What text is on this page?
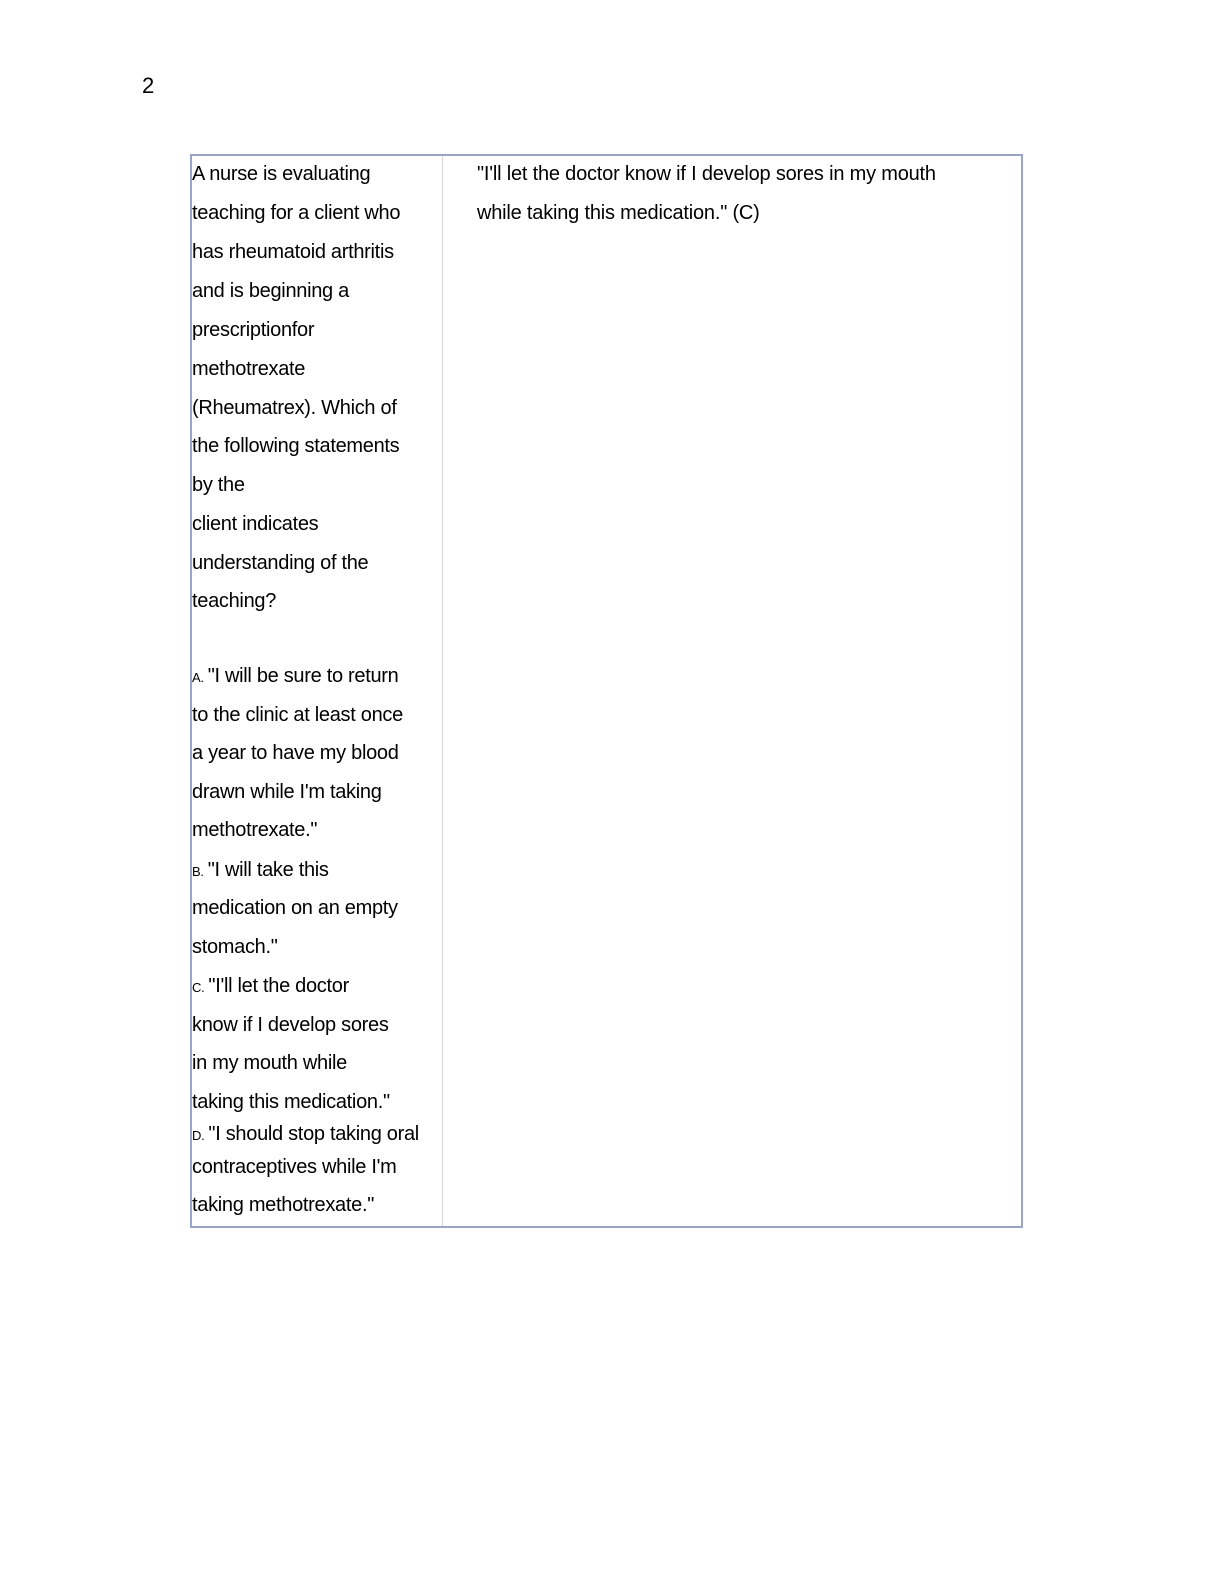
2
A nurse is evaluating
teaching for a client who
has rheumatoid arthritis
and is beginning a
prescriptionfor
methotrexate
(Rheumatrex). Which of
the following statements
by the
client indicates
understanding of the
teaching?
A. "I will be sure to return
to the clinic at least once
a year to have my blood
drawn while I'm taking
methotrexate."
B. "I will take this
medication on an empty
stomach."
C. "I'll let the doctor
know if I develop sores
in my mouth while
taking this medication."
D. "I should stop taking oral
contraceptives while I'm
taking methotrexate."
"I'll let the doctor know if I develop sores in my mouth
while taking this medication." (C)
